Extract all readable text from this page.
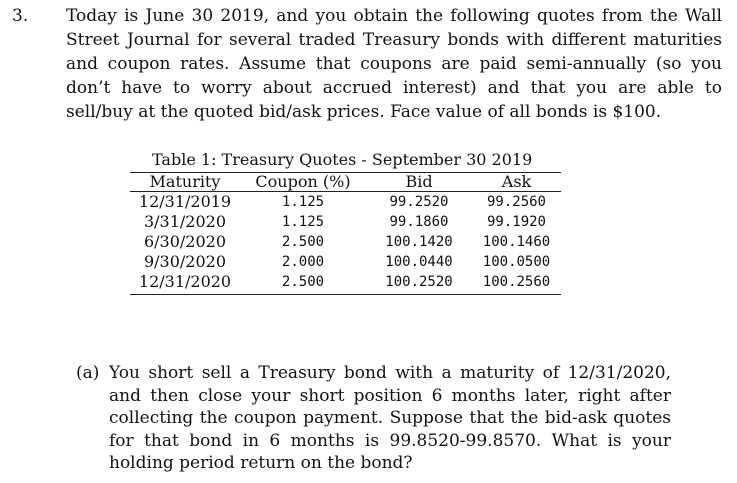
3. Today is June 30 2019, and you obtain the following quotes from the Wall Street Journal for several traded Treasury bonds with different maturities and coupon rates. Assume that coupons are paid semi-annually (so you don’t have to worry about accrued interest) and that you are able to sell/buy at the quoted bid/ask prices. Face value of all bonds is $100.
Table 1: Treasury Quotes - September 30 2019
Maturity	Coupon (%)	Bid	Ask
12/31/2019	1.125	99.2520	99.2560
3/31/2020	1.125	99.1860	99.1920
6/30/2020	2.500	100.1420	100.1460
9/30/2020	2.000	100.0440	100.0500
12/31/2020	2.500	100.2520	100.2560
(a) You short sell a Treasury bond with a maturity of 12/31/2020, and then close your short position 6 months later, right after collecting the coupon payment. Suppose that the bid-ask quotes for that bond in 6 months is 99.8520-99.8570. What is your holding period return on the bond?
